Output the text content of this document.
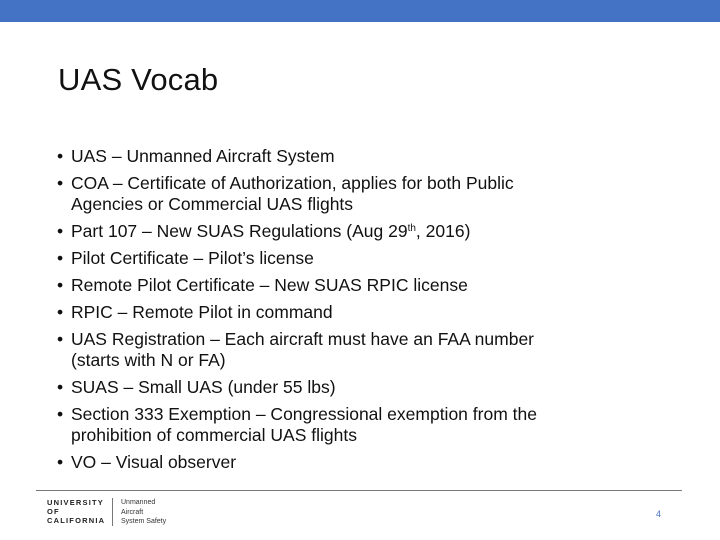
UAS Vocab
• UAS – Unmanned Aircraft System
• COA – Certificate of Authorization, applies for both Public
Agencies or Commercial UAS flights
• Part 107 – New SUAS Regulations (Aug 29th, 2016)
• Pilot Certificate – Pilot’s license
• Remote Pilot Certificate – New SUAS RPIC license
• RPIC – Remote Pilot in command
• UAS Registration – Each aircraft must have an FAA number
(starts with N or FA)
• SUAS – Small UAS (under 55 lbs)
• Section 333 Exemption – Congressional exemption from the
prohibition of commercial UAS flights
• VO – Visual observer
UNIVERSITY
OF
CALIFORNIA
Unmanned
Aircraft
System Safety
4
